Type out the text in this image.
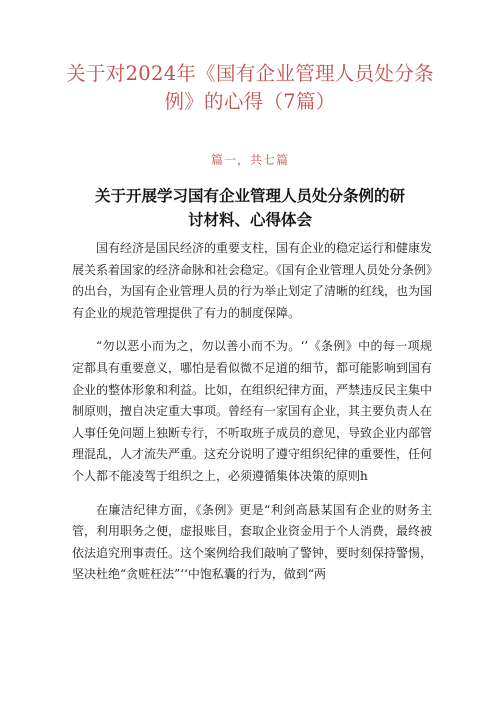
关于对2024年《国有企业管理人员处分条例》的心得（7篇）
篇一，共七篇
关于开展学习国有企业管理人员处分条例的研讨材料、心得体会

国有经济是国民经济的重要支柱，国有企业的稳定运行和健康发展关系着国家的经济命脉和社会稳定。《国有企业管理人员处分条例》的出台，为国有企业管理人员的行为举止划定了清晰的红线，也为国有企业的规范管理提供了有力的制度保障。

“勿以恶小而为之，勿以善小而不为。‘’《条例》中的每一项规定都具有重要意义，哪怕是看似微不足道的细节，都可能影响到国有企业的整体形象和利益。比如，在组织纪律方面，严禁违反民主集中制原则，擅自决定重大事项。曾经有一家国有企业，其主要负责人在人事任免问题上独断专行，不听取班子成员的意见，导致企业内部管理混乱，人才流失严重。这充分说明了遵守组织纪律的重要性，任何个人都不能凌驾于组织之上，必须遵循集体决策的原则h

在廉洁纪律方面，《条例》更是“利剑高悬某国有企业的财务主管，利用职务之便，虚报账目，套取企业资金用于个人消费，最终被依法追究刑事责任。这个案例给我们敲响了警钟，要时刻保持警惕，坚决杜绝“贪赃枉法”‘‘中饱私囊的行为，做到“两
